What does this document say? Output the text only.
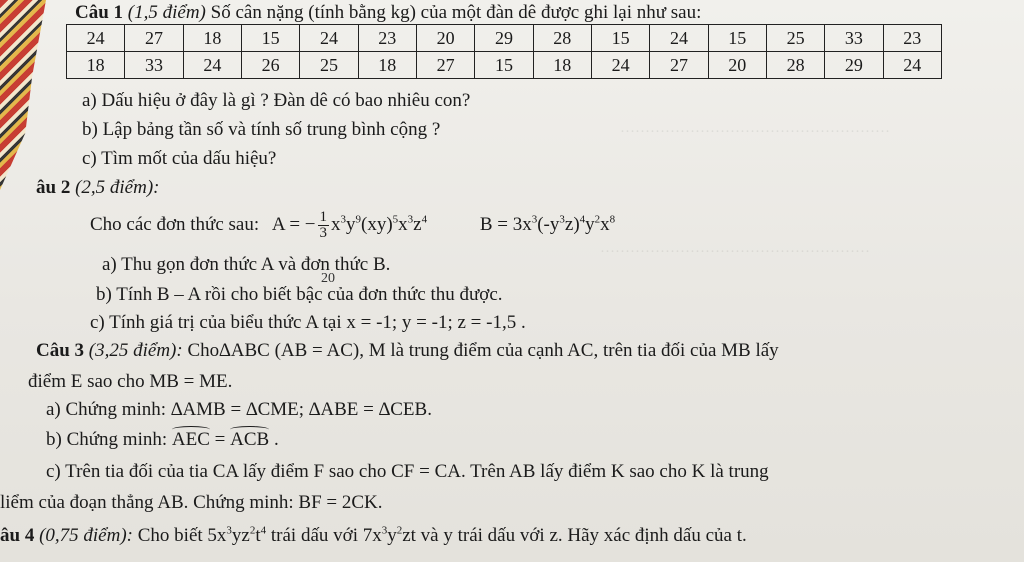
………………………………………………
………………………………………………
Câu 1 (1,5 điểm) Số cân nặng (tính bằng kg) của một đàn dê được ghi lại như sau:
24	27	18	15	24	23	20	29	28	15	24	15	25	33	23
18	33	24	26	25	18	27	15	18	24	27	20	28	29	24
a) Dấu hiệu ở đây là gì ? Đàn dê có bao nhiêu con?
b) Lập bảng tần số và tính số trung bình cộng ?
c) Tìm mốt của dấu hiệu?
âu 2 (2,5 điểm):
Cho các đơn thức sau: A = − $\frac{1}{3} x^3y^9(xy)^5x^3z^4$	$B = 3x^3(-y^3z)^4y^2x^8$
a) Thu gọn đơn thức A và đơn thức B.
20
b) Tính B – A rồi cho biết bậc của đơn thức thu được.
c) Tính giá trị của biểu thức A tại x = -1; y = -1; z = -1,5 .
Câu 3 (3,25 điểm): Cho∆ABC (AB = AC), M là trung điểm của cạnh AC, trên tia đối của MB lấy
điểm E sao cho MB = ME.
a) Chứng minh: ∆AMB = ∆CME; ∆ABE = ∆CEB.
b) Chứng minh: AEC = ACB .
c) Trên tia đối của tia CA lấy điểm F sao cho CF = CA. Trên AB lấy điểm K sao cho K là trung
liểm của đoạn thẳng AB. Chứng minh: BF = 2CK.
âu 4 (0,75 điểm): Cho biết $5x^3yz^2t^4$ trái dấu với $7x^3y^2zt$ và y trái dấu với z. Hãy xác định dấu của t.
